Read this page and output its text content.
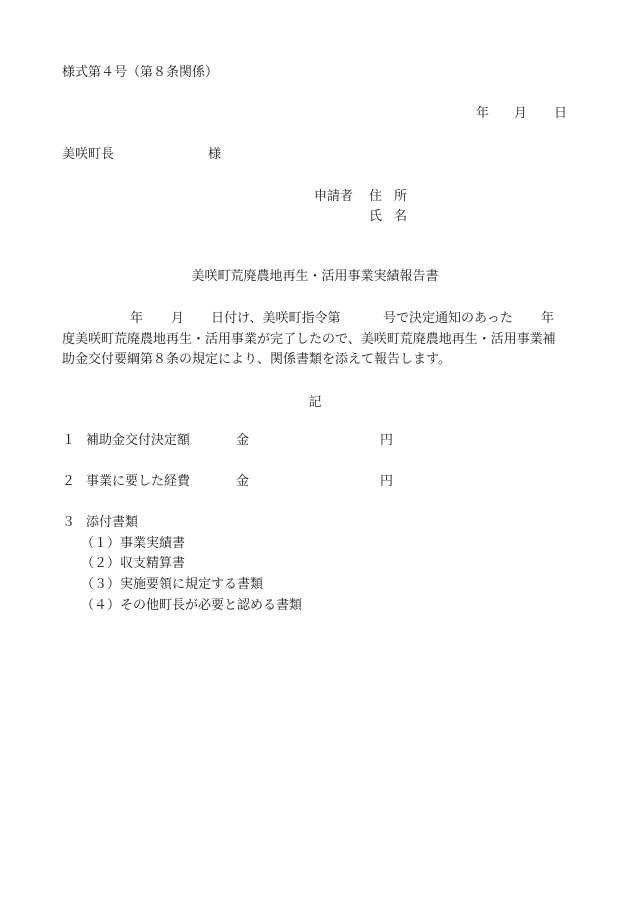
様式第４号（第８条関係）
年 月 日
美咲町長	様
申請者 住所
氏名
美咲町荒廃農地再生・活用事業実績報告書
年 月 日付け、美咲町指令第	号で決定通知のあった 年
度美咲町荒廃農地再生・活用事業が完了したので、美咲町荒廃農地再生・活用事業補
助金交付要綱第８条の規定により、関係書類を添えて報告します。
記
１ 補助金交付決定額	金	円
２ 事業に要した経費	金	円
３ 添付書類
（１）事業実績書
（２）収支精算書
（３）実施要領に規定する書類
（４）その他町長が必要と認める書類
